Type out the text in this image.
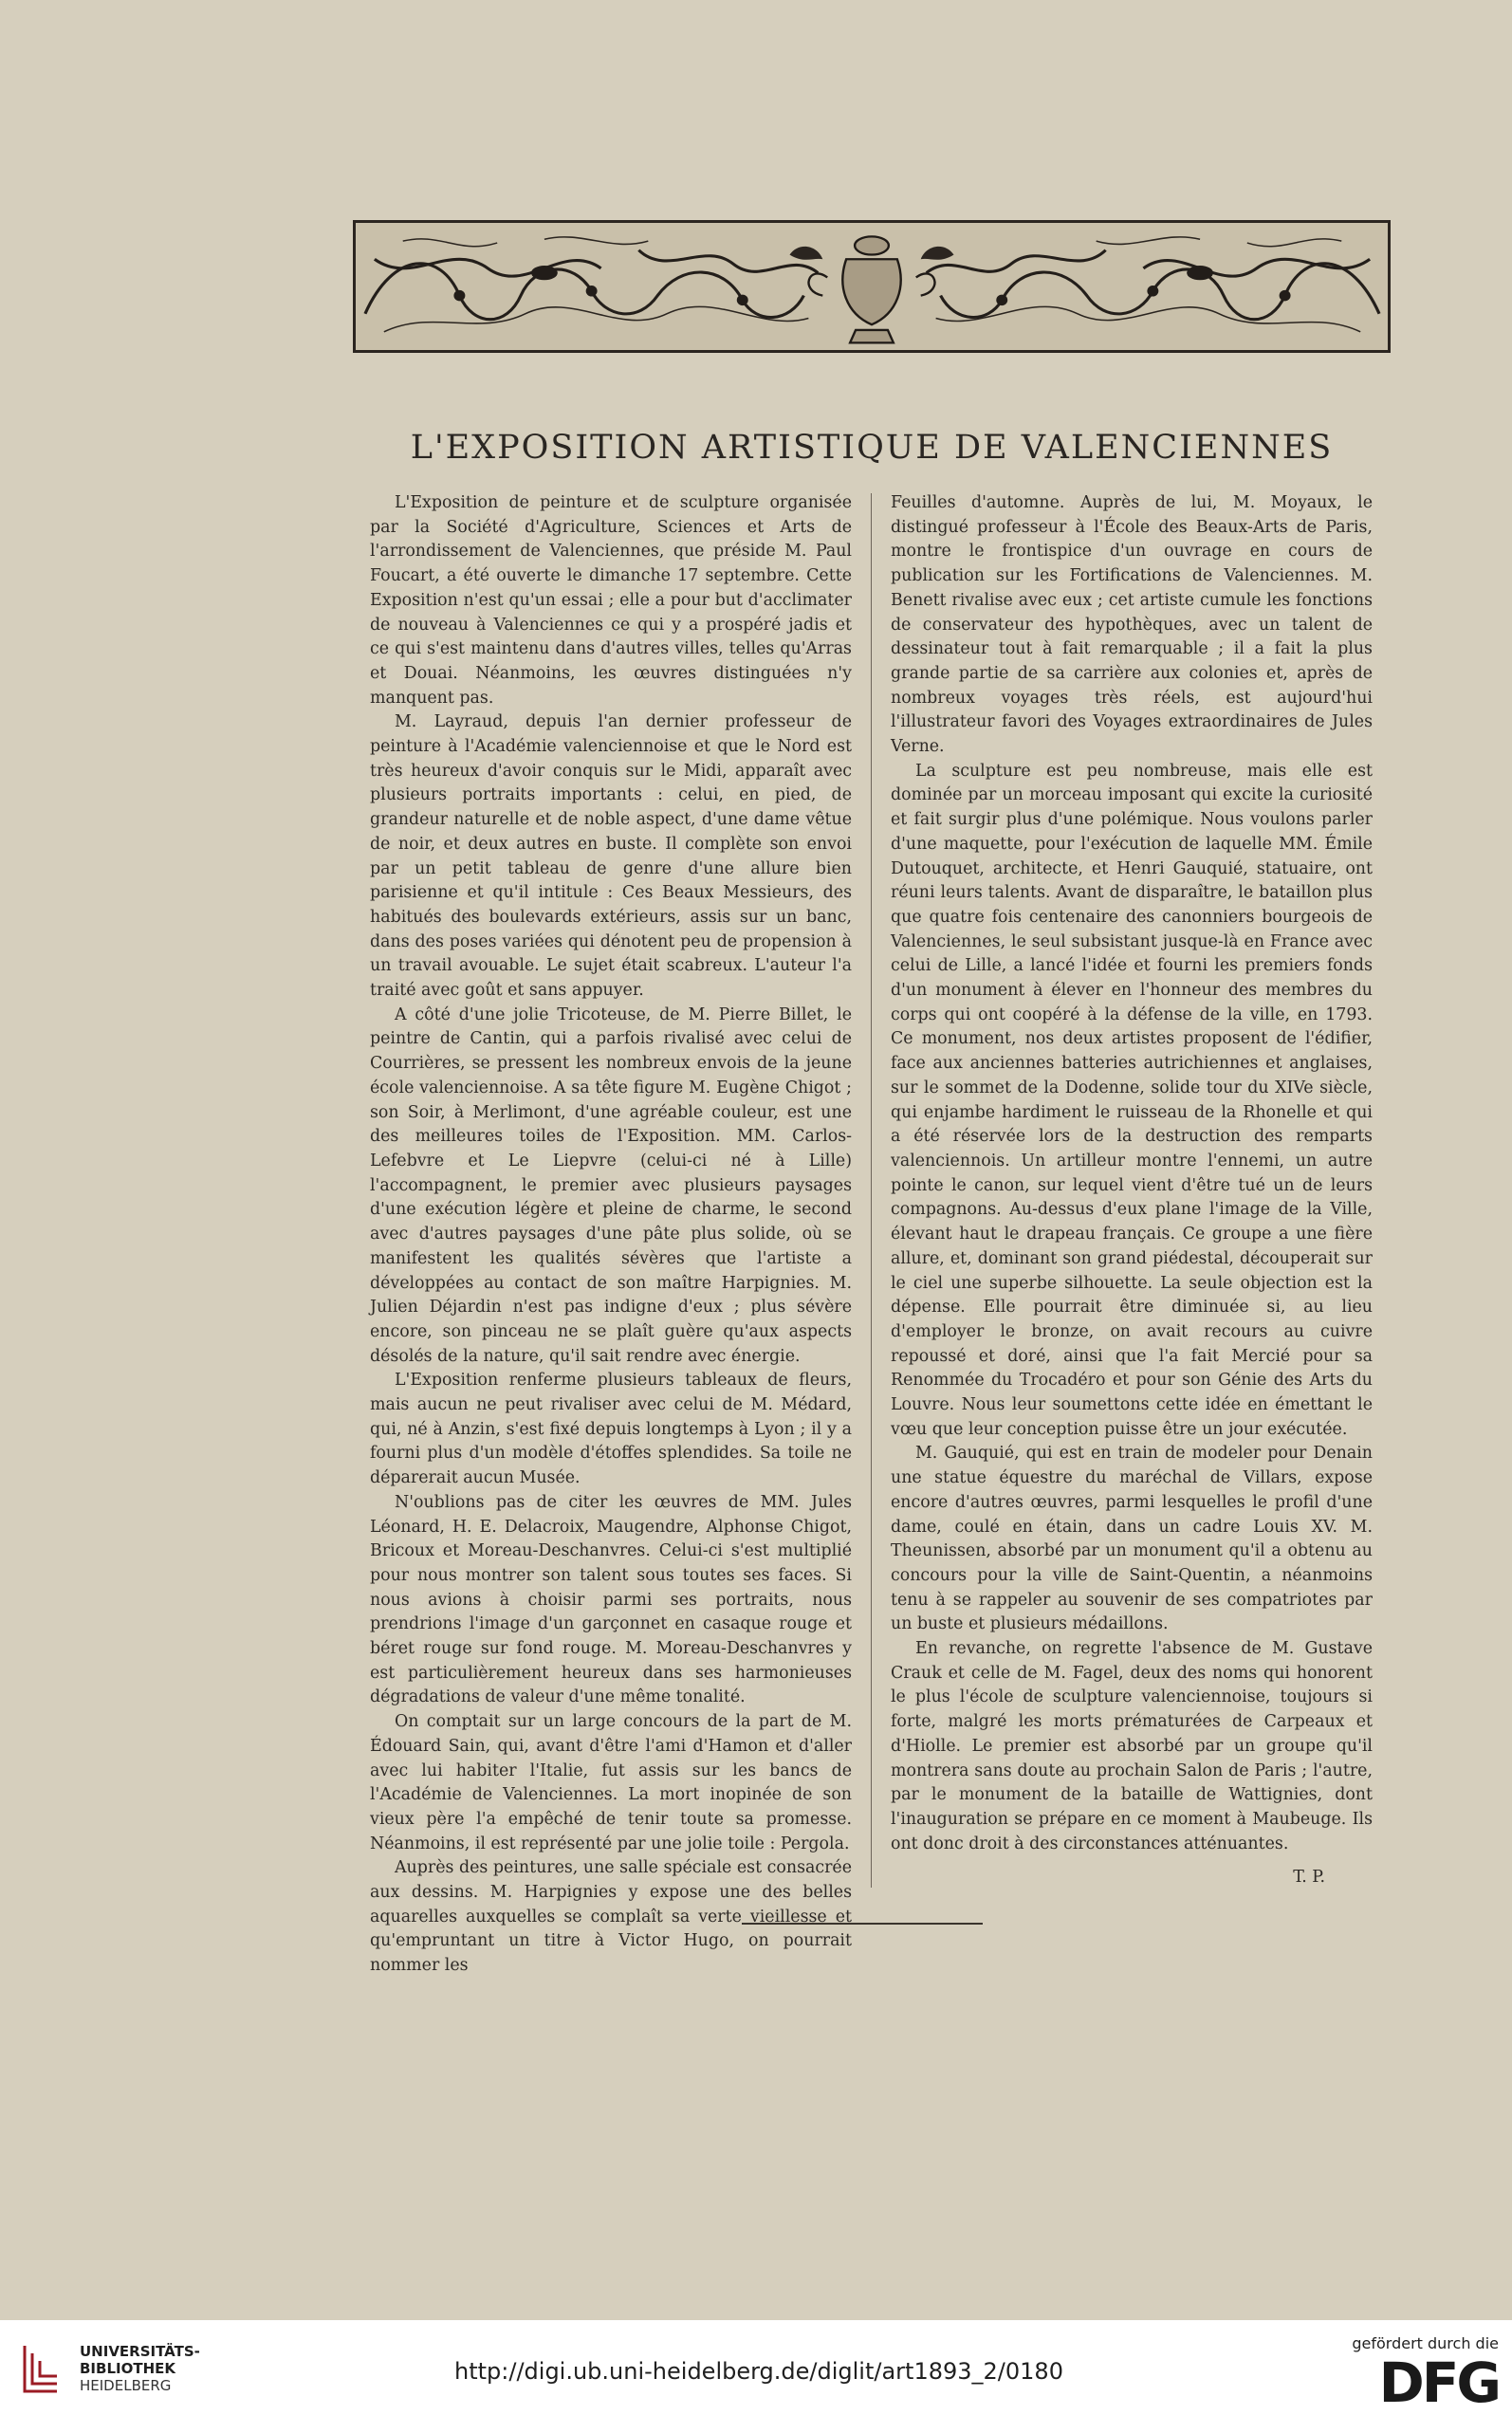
L'EXPOSITION ARTISTIQUE DE VALENCIENNES

L'Exposition de peinture et de sculpture organisée par la Société d'Agriculture, Sciences et Arts de l'arrondissement de Valenciennes, que préside M. Paul Foucart, a été ouverte le dimanche 17 septembre. Cette Exposition n'est qu'un essai ; elle a pour but d'acclimater de nouveau à Valenciennes ce qui y a prospéré jadis et ce qui s'est maintenu dans d'autres villes, telles qu'Arras et Douai. Néanmoins, les œuvres distinguées n'y manquent pas.

M. Layraud, depuis l'an dernier professeur de peinture à l'Académie valenciennoise et que le Nord est très heureux d'avoir conquis sur le Midi, apparaît avec plusieurs portraits importants : celui, en pied, de grandeur naturelle et de noble aspect, d'une dame vêtue de noir, et deux autres en buste. Il complète son envoi par un petit tableau de genre d'une allure bien parisienne et qu'il intitule : Ces Beaux Messieurs, des habitués des boulevards extérieurs, assis sur un banc, dans des poses variées qui dénotent peu de propension à un travail avouable. Le sujet était scabreux. L'auteur l'a traité avec goût et sans appuyer.

A côté d'une jolie Tricoteuse, de M. Pierre Billet, le peintre de Cantin, qui a parfois rivalisé avec celui de Courrières, se pressent les nombreux envois de la jeune école valenciennoise. A sa tête figure M. Eugène Chigot ; son Soir, à Merlimont, d'une agréable couleur, est une des meilleures toiles de l'Exposition. MM. Carlos-Lefebvre et Le Liepvre (celui-ci né à Lille) l'accompagnent, le premier avec plusieurs paysages d'une exécution légère et pleine de charme, le second avec d'autres paysages d'une pâte plus solide, où se manifestent les qualités sévères que l'artiste a développées au contact de son maître Harpignies. M. Julien Déjardin n'est pas indigne d'eux ; plus sévère encore, son pinceau ne se plaît guère qu'aux aspects désolés de la nature, qu'il sait rendre avec énergie.

L'Exposition renferme plusieurs tableaux de fleurs, mais aucun ne peut rivaliser avec celui de M. Médard, qui, né à Anzin, s'est fixé depuis longtemps à Lyon ; il y a fourni plus d'un modèle d'étoffes splendides. Sa toile ne déparerait aucun Musée.

N'oublions pas de citer les œuvres de MM. Jules Léonard, H. E. Delacroix, Maugendre, Alphonse Chigot, Bricoux et Moreau-Deschanvres. Celui-ci s'est multiplié pour nous montrer son talent sous toutes ses faces. Si nous avions à choisir parmi ses portraits, nous prendrions l'image d'un garçonnet en casaque rouge et béret rouge sur fond rouge. M. Moreau-Deschanvres y est particulièrement heureux dans ses harmonieuses dégradations de valeur d'une même tonalité.

On comptait sur un large concours de la part de M. Édouard Sain, qui, avant d'être l'ami d'Hamon et d'aller avec lui habiter l'Italie, fut assis sur les bancs de l'Académie de Valenciennes. La mort inopinée de son vieux père l'a empêché de tenir toute sa promesse. Néanmoins, il est représenté par une jolie toile : Pergola.

Auprès des peintures, une salle spéciale est consacrée aux dessins. M. Harpignies y expose une des belles aquarelles auxquelles se complaît sa verte vieillesse et qu'empruntant un titre à Victor Hugo, on pourrait nommer les

Feuilles d'automne. Auprès de lui, M. Moyaux, le distingué professeur à l'École des Beaux-Arts de Paris, montre le frontispice d'un ouvrage en cours de publication sur les Fortifications de Valenciennes. M. Benett rivalise avec eux ; cet artiste cumule les fonctions de conservateur des hypothèques, avec un talent de dessinateur tout à fait remarquable ; il a fait la plus grande partie de sa carrière aux colonies et, après de nombreux voyages très réels, est aujourd'hui l'illustrateur favori des Voyages extraordinaires de Jules Verne.

La sculpture est peu nombreuse, mais elle est dominée par un morceau imposant qui excite la curiosité et fait surgir plus d'une polémique. Nous voulons parler d'une maquette, pour l'exécution de laquelle MM. Émile Dutouquet, architecte, et Henri Gauquié, statuaire, ont réuni leurs talents. Avant de disparaître, le bataillon plus que quatre fois centenaire des canonniers bourgeois de Valenciennes, le seul subsistant jusque-là en France avec celui de Lille, a lancé l'idée et fourni les premiers fonds d'un monument à élever en l'honneur des membres du corps qui ont coopéré à la défense de la ville, en 1793. Ce monument, nos deux artistes proposent de l'édifier, face aux anciennes batteries autrichiennes et anglaises, sur le sommet de la Dodenne, solide tour du XIVe siècle, qui enjambe hardiment le ruisseau de la Rhonelle et qui a été réservée lors de la destruction des remparts valenciennois. Un artilleur montre l'ennemi, un autre pointe le canon, sur lequel vient d'être tué un de leurs compagnons. Au-dessus d'eux plane l'image de la Ville, élevant haut le drapeau français. Ce groupe a une fière allure, et, dominant son grand piédestal, découperait sur le ciel une superbe silhouette. La seule objection est la dépense. Elle pourrait être diminuée si, au lieu d'employer le bronze, on avait recours au cuivre repoussé et doré, ainsi que l'a fait Mercié pour sa Renommée du Trocadéro et pour son Génie des Arts du Louvre. Nous leur soumettons cette idée en émettant le vœu que leur conception puisse être un jour exécutée.

M. Gauquié, qui est en train de modeler pour Denain une statue équestre du maréchal de Villars, expose encore d'autres œuvres, parmi lesquelles le profil d'une dame, coulé en étain, dans un cadre Louis XV. M. Theunissen, absorbé par un monument qu'il a obtenu au concours pour la ville de Saint-Quentin, a néanmoins tenu à se rappeler au souvenir de ses compatriotes par un buste et plusieurs médaillons.

En revanche, on regrette l'absence de M. Gustave Crauk et celle de M. Fagel, deux des noms qui honorent le plus l'école de sculpture valenciennoise, toujours si forte, malgré les morts prématurées de Carpeaux et d'Hiolle. Le premier est absorbé par un groupe qu'il montrera sans doute au prochain Salon de Paris ; l'autre, par le monument de la bataille de Wattignies, dont l'inauguration se prépare en ce moment à Maubeuge. Ils ont donc droit à des circonstances atténuantes.

T. P.
UNIVERSITÄTS-
BIBLIOTHEK
HEIDELBERG
http://digi.ub.uni-heidelberg.de/diglit/art1893_2/0180
gefördert durch die
DFG
